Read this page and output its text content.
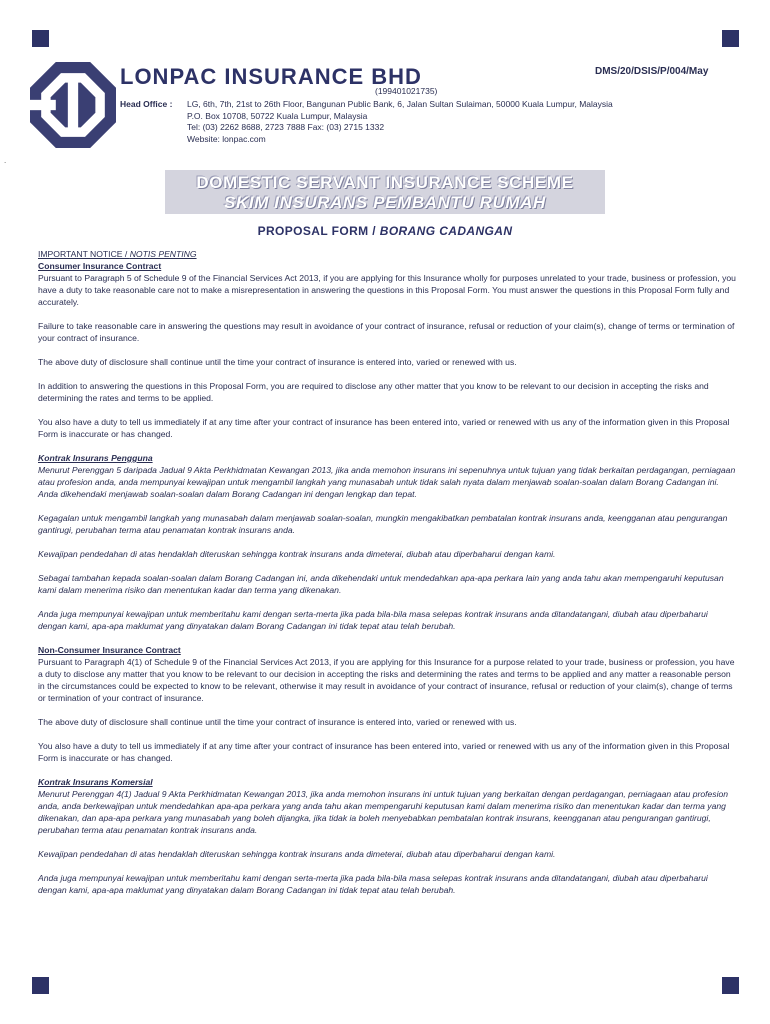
LONPAC INSURANCE BHD
(199401021735)
DMS/20/DSIS/P/004/May
Head Office :	LG, 6th, 7th, 21st to 26th Floor, Bangunan Public Bank, 6, Jalan Sultan Sulaiman, 50000 Kuala Lumpur, Malaysia
P.O. Box 10708, 50722 Kuala Lumpur, Malaysia
Tel: (03) 2262 8688, 2723 7888 Fax: (03) 2715 1332
Website: lonpac.com
.
DOMESTIC SERVANT INSURANCE SCHEME
SKIM INSURANS PEMBANTU RUMAH
PROPOSAL FORM / BORANG CADANGAN

IMPORTANT NOTICE / NOTIS PENTING

Consumer Insurance Contract

Pursuant to Paragraph 5 of Schedule 9 of the Financial Services Act 2013, if you are applying for this Insurance wholly for purposes unrelated to your trade, business or profession, you have a duty to take reasonable care not to make a misrepresentation in answering the questions in this Proposal Form. You must answer the questions in this Proposal Form fully and accurately.

Failure to take reasonable care in answering the questions may result in avoidance of your contract of insurance, refusal or reduction of your claim(s), change of terms or termination of your contract of insurance.

The above duty of disclosure shall continue until the time your contract of insurance is entered into, varied or renewed with us.

In addition to answering the questions in this Proposal Form, you are required to disclose any other matter that you know to be relevant to our decision in accepting the risks and determining the rates and terms to be applied.

You also have a duty to tell us immediately if at any time after your contract of insurance has been entered into, varied or renewed with us any of the information given in this Proposal Form is inaccurate or has changed.

Kontrak Insurans Pengguna

Menurut Perenggan 5 daripada Jadual 9 Akta Perkhidmatan Kewangan 2013, jika anda memohon insurans ini sepenuhnya untuk tujuan yang tidak berkaitan perdagangan, perniagaan atau profesion anda, anda mempunyai kewajipan untuk mengambil langkah yang munasabah untuk tidak salah nyata dalam menjawab soalan-soalan dalam Borang Cadangan ini. Anda dikehendaki menjawab soalan-soalan dalam Borang Cadangan ini dengan lengkap dan tepat.

Kegagalan untuk mengambil langkah yang munasabah dalam menjawab soalan-soalan, mungkin mengakibatkan pembatalan kontrak insurans anda, keengganan atau pengurangan gantirugi, perubahan terma atau penamatan kontrak insurans anda.

Kewajipan pendedahan di atas hendaklah diteruskan sehingga kontrak insurans anda dimeterai, diubah atau diperbaharui dengan kami.

Sebagai tambahan kepada soalan-soalan dalam Borang Cadangan ini, anda dikehendaki untuk mendedahkan apa-apa perkara lain yang anda tahu akan mempengaruhi keputusan kami dalam menerima risiko dan menentukan kadar dan terma yang dikenakan.

Anda juga mempunyai kewajipan untuk memberitahu kami dengan serta-merta jika pada bila-bila masa selepas kontrak insurans anda ditandatangani, diubah atau diperbaharui dengan kami, apa-apa maklumat yang dinyatakan dalam Borang Cadangan ini tidak tepat atau telah berubah.

Non-Consumer Insurance Contract

Pursuant to Paragraph 4(1) of Schedule 9 of the Financial Services Act 2013, if you are applying for this Insurance for a purpose related to your trade, business or profession, you have a duty to disclose any matter that you know to be relevant to our decision in accepting the risks and determining the rates and terms to be applied and any matter a reasonable person in the circumstances could be expected to know to be relevant, otherwise it may result in avoidance of your contract of insurance, refusal or reduction of your claim(s), change of terms or termination of your contract of insurance.

The above duty of disclosure shall continue until the time your contract of insurance is entered into, varied or renewed with us.

You also have a duty to tell us immediately if at any time after your contract of insurance has been entered into, varied or renewed with us any of the information given in this Proposal Form is inaccurate or has changed.

Kontrak Insurans Komersial

Menurut Perenggan 4(1) Jadual 9 Akta Perkhidmatan Kewangan 2013, jika anda memohon insurans ini untuk tujuan yang berkaitan dengan perdagangan, perniagaan atau profesion anda, anda berkewajipan untuk mendedahkan apa-apa perkara yang anda tahu akan mempengaruhi keputusan kami dalam menerima risiko dan menentukan kadar dan terma yang dikenakan, dan apa-apa perkara yang munasabah yang boleh dijangka, jika tidak ia boleh menyebabkan pembatalan kontrak insurans, keengganan atau pengurangan gantirugi, perubahan terma atau penamatan kontrak insurans anda.

Kewajipan pendedahan di atas hendaklah diteruskan sehingga kontrak insurans anda dimeterai, diubah atau diperbaharui dengan kami.

Anda juga mempunyai kewajipan untuk memberitahu kami dengan serta-merta jika pada bila-bila masa selepas kontrak insurans anda ditandatangani, diubah atau diperbaharui dengan kami, apa-apa maklumat yang dinyatakan dalam Borang Cadangan ini tidak tepat atau telah berubah.
